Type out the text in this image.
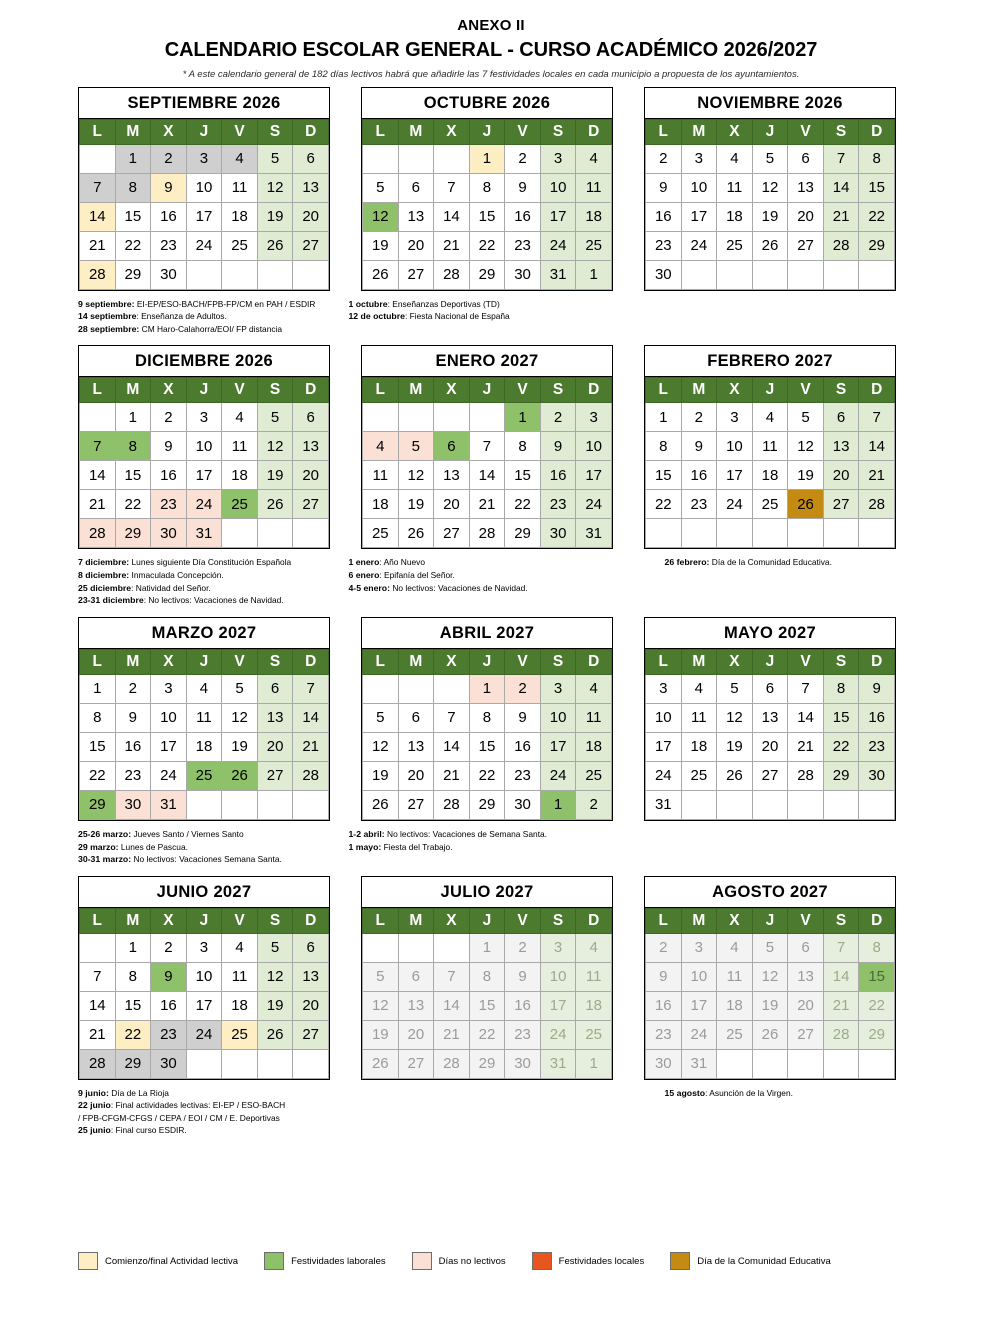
ANEXO II
CALENDARIO ESCOLAR GENERAL - CURSO ACADÉMICO 2026/2027
* A este calendario general de 182 días lectivos habrá que añadirle las 7 festividades locales en cada municipio a propuesta de los ayuntamientos.
SEPTIEMBRE 2026
L	M	X	J	V	S	D
	1	2	3	4	5	6
7	8	9	10	11	12	13
14	15	16	17	18	19	20
21	22	23	24	25	26	27
28	29	30				
OCTUBRE 2026
L	M	X	J	V	S	D
			1	2	3	4
5	6	7	8	9	10	11
12	13	14	15	16	17	18
19	20	21	22	23	24	25
26	27	28	29	30	31	1
NOVIEMBRE 2026
L	M	X	J	V	S	D
2	3	4	5	6	7	8
9	10	11	12	13	14	15
16	17	18	19	20	21	22
23	24	25	26	27	28	29
30						
9 septiembre: EI-EP/ESO-BACH/FPB-FP/CM en PAH / ESDIR
14 septiembre: Enseñanza de Adultos.
28 septiembre: CM Haro-Calahorra/EOI/ FP distancia
1 octubre: Enseñanzas Deportivas (TD)
12 de octubre: Fiesta Nacional de España
DICIEMBRE 2026
L	M	X	J	V	S	D
	1	2	3	4	5	6
7	8	9	10	11	12	13
14	15	16	17	18	19	20
21	22	23	24	25	26	27
28	29	30	31			
ENERO 2027
L	M	X	J	V	S	D
				1	2	3
4	5	6	7	8	9	10
11	12	13	14	15	16	17
18	19	20	21	22	23	24
25	26	27	28	29	30	31
FEBRERO 2027
L	M	X	J	V	S	D
1	2	3	4	5	6	7
8	9	10	11	12	13	14
15	16	17	18	19	20	21
22	23	24	25	26	27	28

7 diciembre: Lunes siguiente Día Constitución Española
8 diciembre: Inmaculada Concepción.
25 diciembre: Natividad del Señor.
23-31 diciembre: No lectivos: Vacaciones de Navidad.
1 enero: Año Nuevo
6 enero: Epifanía del Señor.
4-5 enero: No lectivos: Vacaciones de Navidad.
26 febrero: Día de la Comunidad Educativa.
MARZO 2027
L	M	X	J	V	S	D
1	2	3	4	5	6	7
8	9	10	11	12	13	14
15	16	17	18	19	20	21
22	23	24	25	26	27	28
29	30	31				
ABRIL 2027
L	M	X	J	V	S	D
			1	2	3	4
5	6	7	8	9	10	11
12	13	14	15	16	17	18
19	20	21	22	23	24	25
26	27	28	29	30	1	2
MAYO 2027
L	M	X	J	V	S	D
3	4	5	6	7	8	9
10	11	12	13	14	15	16
17	18	19	20	21	22	23
24	25	26	27	28	29	30
31						
25-26 marzo: Jueves Santo / Viernes Santo
29 marzo: Lunes de Pascua.
30-31 marzo: No lectivos: Vacaciones Semana Santa.
1-2 abril: No lectivos: Vacaciones de Semana Santa.
1 mayo: Fiesta del Trabajo.
JUNIO 2027
L	M	X	J	V	S	D
	1	2	3	4	5	6
7	8	9	10	11	12	13
14	15	16	17	18	19	20
21	22	23	24	25	26	27
28	29	30				
JULIO 2027
L	M	X	J	V	S	D
			1	2	3	4
5	6	7	8	9	10	11
12	13	14	15	16	17	18
19	20	21	22	23	24	25
26	27	28	29	30	31	1
AGOSTO 2027
L	M	X	J	V	S	D
2	3	4	5	6	7	8
9	10	11	12	13	14	15
16	17	18	19	20	21	22
23	24	25	26	27	28	29
30	31					
9 junio: Día de La Rioja
22 junio: Final actividades lectivas: EI-EP / ESO-BACH
/ FPB-CFGM-CFGS / CEPA / EOI / CM / E. Deportivas
25 junio: Final curso ESDIR.
15 agosto: Asunción de la Virgen.
Comienzo/final Actividad lectiva	Festividades laborales	Días no lectivos	Festividades locales	Día de la Comunidad Educativa
